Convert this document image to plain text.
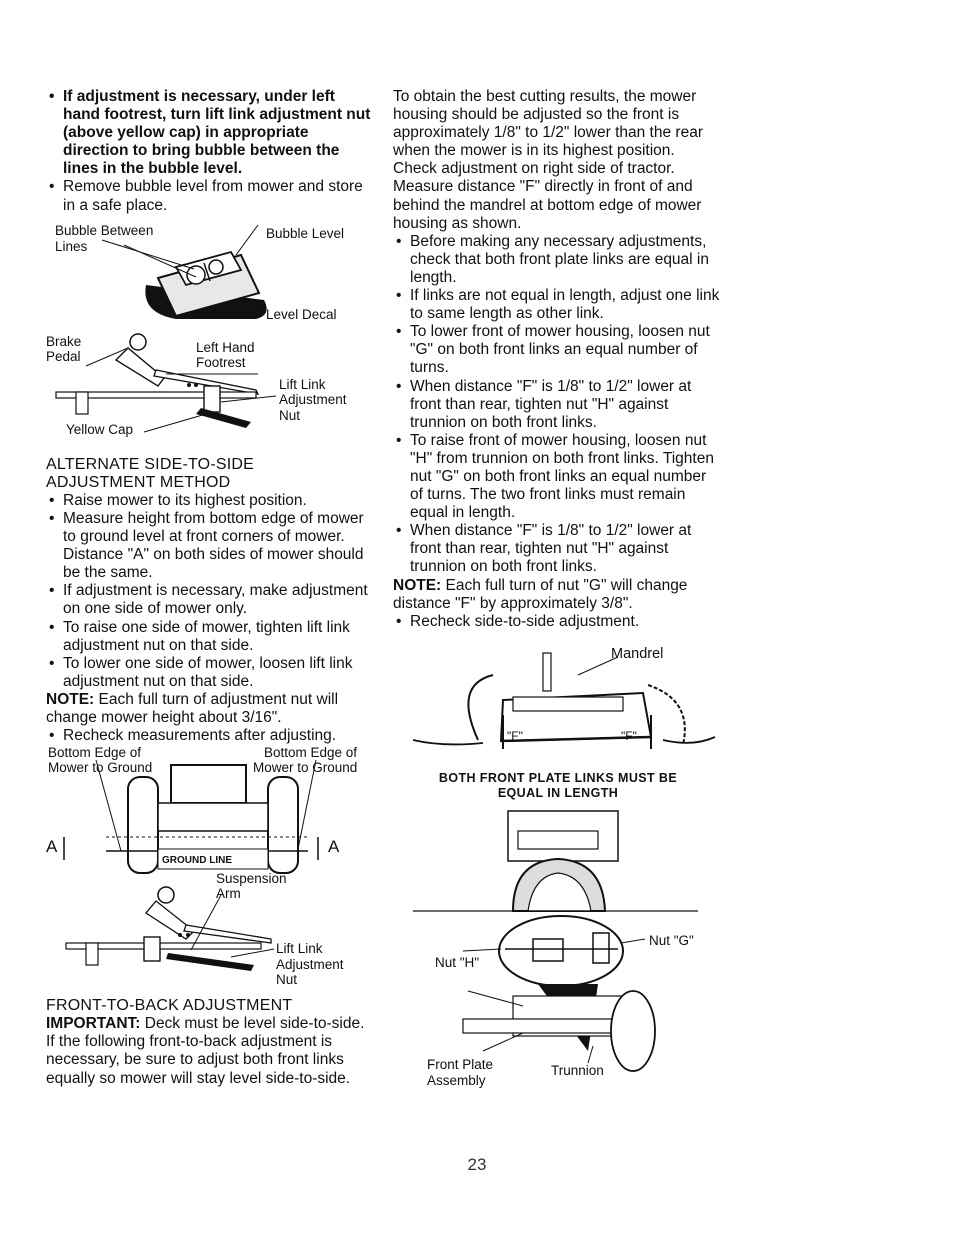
• If adjustment is necessary, under left hand footrest, turn lift link adjustment nut (above yellow cap) in appropriate direction to bring bubble between the lines in the bubble level.
• Remove bubble level from mower and store in a safe place.
Bubble Between
Lines
Bubble Level
Level Decal
Brake
Pedal
Left Hand
Footrest
Lift Link
Adjustment
Nut
Yellow Cap

ALTERNATE SIDE-TO-SIDE

ADJUSTMENT METHOD

• Raise mower to its highest position.
• Measure height from bottom edge of mower to ground level at front corners of mower. Distance "A" on both sides of mower should be the same.
• If adjustment is necessary, make adjustment on one side of mower only.
• To raise one side of mower, tighten lift link adjustment nut on that side.
• To lower one side of mower, loosen lift link adjustment nut on that side.

NOTE: Each full turn of adjustment nut will change mower height about 3/16".

• Recheck measurements after adjusting.
Bottom Edge of
Mower to Ground
Bottom Edge of
Mower to Ground
A	A
GROUND LINE
Suspension
Arm
Lift Link
Adjustment
Nut

FRONT-TO-BACK ADJUSTMENT

IMPORTANT: Deck must be level side-to-side. If the following front-to-back adjustment is necessary, be sure to adjust both front links equally so mower will stay level side-to-side.

To obtain the best cutting results, the mower housing should be adjusted so the front is approximately 1/8" to 1/2" lower than the rear when the mower is in its highest position.

Check adjustment on right side of tractor. Measure distance "F" directly in front of and behind the mandrel at bottom edge of mower housing as shown.

• Before making any necessary adjustments, check that both front plate links are equal in length.
• If links are not equal in length, adjust one link to same length as other link.
• To lower front of mower housing, loosen nut "G" on both front links an equal number of turns.
• When distance "F" is 1/8" to 1/2" lower at front than rear, tighten nut "H" against trunnion on both front links.
• To raise front of mower housing, loosen nut "H" from trunnion on both front links. Tighten nut "G" on both front links an equal number of turns. The two front links must remain equal in length.
• When distance "F" is 1/8" to 1/2" lower at front than rear, tighten nut "H" against trunnion on both front links.

NOTE: Each full turn of nut "G" will change distance "F" by approximately 3/8".

• Recheck side-to-side adjustment.
Mandrel
"F"	"F"
BOTH FRONT PLATE LINKS MUST BE
EQUAL IN LENGTH
Nut "H"
Nut "G"
Front Plate
Assembly
Trunnion
23
